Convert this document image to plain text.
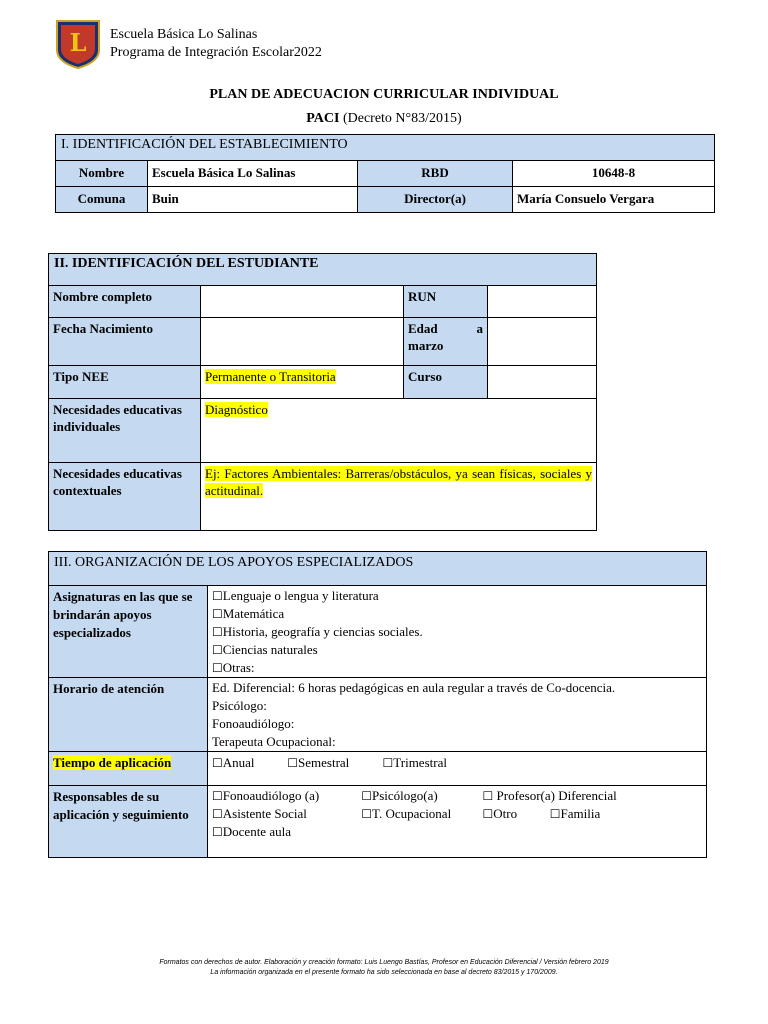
L Escuela Básica Lo Salinas
Programa de Integración Escolar2022
PLAN DE ADECUACION CURRICULAR INDIVIDUAL
PACI (Decreto N°83/2015)
I. IDENTIFICACIÓN DEL ESTABLECIMIENTO			
Nombre	Escuela Básica Lo Salinas	RBD	10648-8
Comuna	Buin	Director(a)	María Consuelo Vergara
II. IDENTIFICACIÓN DEL ESTUDIANTE			
Nombre completo		RUN	
Fecha Nacimiento		Edad a
marzo	

Tipo NEE	Permanente o Transitoria	Curso	
Necesidades educativas individuales	Diagnóstico		
Necesidades educativas contextuales	Ej: Factores Ambientales: Barreras/obstáculos, ya sean físicas, sociales y actitudinal.		
III. ORGANIZACIÓN DE LOS APOYOS ESPECIALIZADOS	
Asignaturas en las que se brindarán apoyos especializados	☐Lenguaje o lengua y literatura
☐Matemática
☐Historia, geografía y ciencias sociales.
☐Ciencias naturales
☐Otras:

Horario de atención	Ed. Diferencial: 6 horas pedagógicas en aula regular a través de Co-docencia.
Psicólogo:
Fonoaudiólogo:
Terapeuta Ocupacional:

Tiempo de aplicación	☐Anual ☐Semestral ☐Trimestral
Responsables de su aplicación y seguimiento	☐Fonoaudiólogo (a) ☐Psicólogo(a) ☐ Profesor(a) Diferencial
☐Asistente Social ☐T. Ocupacional ☐Otro ☐Familia
☐Docente aula
Formatos con derechos de autor. Elaboración y creación formato: Luis Luengo Bastías, Profesor en Educación Diferencial / Versión febrero 2019
La información organizada en el presente formato ha sido seleccionada en base al decreto 83/2015 y 170/2009.
